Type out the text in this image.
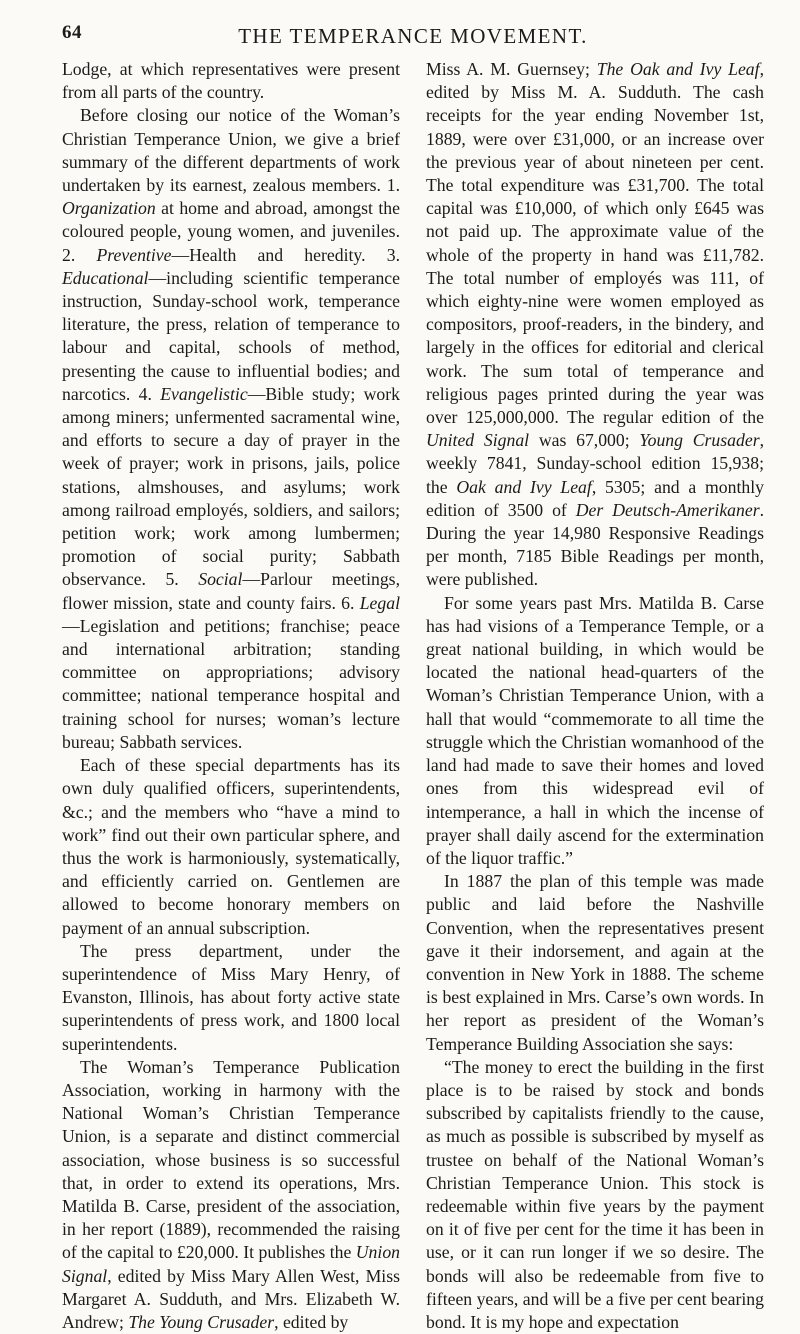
64	THE TEMPERANCE MOVEMENT.

Lodge, at which representatives were present from all parts of the country.

Before closing our notice of the Woman’s Christian Temperance Union, we give a brief summary of the different departments of work undertaken by its earnest, zealous members. 1. Organization at home and abroad, amongst the coloured people, young women, and juveniles. 2. Preventive—Health and heredity. 3. Educational—including scientific temperance instruction, Sunday-school work, temperance literature, the press, relation of temperance to labour and capital, schools of method, presenting the cause to influential bodies; and narcotics. 4. Evangelistic—Bible study; work among miners; unfermented sacramental wine, and efforts to secure a day of prayer in the week of prayer; work in prisons, jails, police stations, almshouses, and asylums; work among railroad employés, soldiers, and sailors; petition work; work among lumbermen; promotion of social purity; Sabbath observance. 5. Social—Parlour meetings, flower mission, state and county fairs. 6. Legal—Legislation and petitions; franchise; peace and international arbitration; standing committee on appropriations; advisory committee; national temperance hospital and training school for nurses; woman’s lecture bureau; Sabbath services.

Each of these special departments has its own duly qualified officers, superintendents, &c.; and the members who “have a mind to work” find out their own particular sphere, and thus the work is harmoniously, systematically, and efficiently carried on. Gentlemen are allowed to become honorary members on payment of an annual subscription.

The press department, under the superintendence of Miss Mary Henry, of Evanston, Illinois, has about forty active state superintendents of press work, and 1800 local superintendents.

The Woman’s Temperance Publication Association, working in harmony with the National Woman’s Christian Temperance Union, is a separate and distinct commercial association, whose business is so successful that, in order to extend its operations, Mrs. Matilda B. Carse, president of the association, in her report (1889), recommended the raising of the capital to £20,000. It publishes the Union Signal, edited by Miss Mary Allen West, Miss Margaret A. Sudduth, and Mrs. Elizabeth W. Andrew; The Young Crusader, edited by

Miss A. M. Guernsey; The Oak and Ivy Leaf, edited by Miss M. A. Sudduth. The cash receipts for the year ending November 1st, 1889, were over £31,000, or an increase over the previous year of about nineteen per cent. The total expenditure was £31,700. The total capital was £10,000, of which only £645 was not paid up. The approximate value of the whole of the property in hand was £11,782. The total number of employés was 111, of which eighty-nine were women employed as compositors, proof-readers, in the bindery, and largely in the offices for editorial and clerical work. The sum total of temperance and religious pages printed during the year was over 125,000,000. The regular edition of the United Signal was 67,000; Young Crusader, weekly 7841, Sunday-school edition 15,938; the Oak and Ivy Leaf, 5305; and a monthly edition of 3500 of Der Deutsch-Amerikaner. During the year 14,980 Responsive Readings per month, 7185 Bible Readings per month, were published.

For some years past Mrs. Matilda B. Carse has had visions of a Temperance Temple, or a great national building, in which would be located the national head-quarters of the Woman’s Christian Temperance Union, with a hall that would “commemorate to all time the struggle which the Christian womanhood of the land had made to save their homes and loved ones from this widespread evil of intemperance, a hall in which the incense of prayer shall daily ascend for the extermination of the liquor traffic.”

In 1887 the plan of this temple was made public and laid before the Nashville Convention, when the representatives present gave it their indorsement, and again at the convention in New York in 1888. The scheme is best explained in Mrs. Carse’s own words. In her report as president of the Woman’s Temperance Building Association she says:

“The money to erect the building in the first place is to be raised by stock and bonds subscribed by capitalists friendly to the cause, as much as possible is subscribed by myself as trustee on behalf of the National Woman’s Christian Temperance Union. This stock is redeemable within five years by the payment on it of five per cent for the time it has been in use, or it can run longer if we so desire. The bonds will also be redeemable from five to fifteen years, and will be a five per cent bearing bond. It is my hope and expectation
